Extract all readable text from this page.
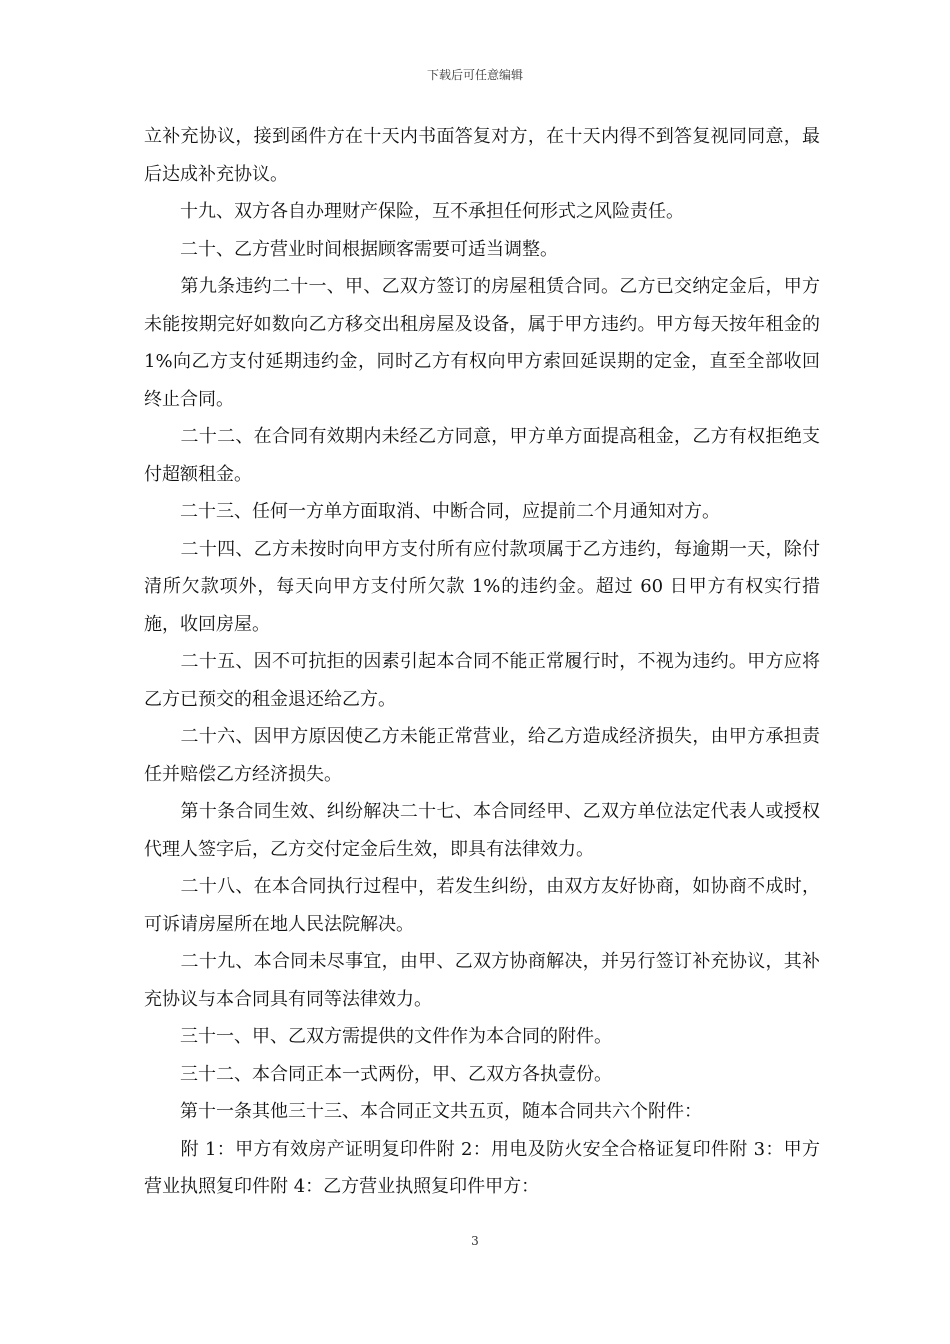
下载后可任意编辑

立补充协议，接到函件方在十天内书面答复对方，在十天内得不到答复视同同意，最后达成补充协议。

　　十九、双方各自办理财产保险，互不承担任何形式之风险责任。

　　二十、乙方营业时间根据顾客需要可适当调整。

　　第九条违约二十一、甲、乙双方签订的房屋租赁合同。乙方已交纳定金后，甲方未能按期完好如数向乙方移交出租房屋及设备，属于甲方违约。甲方每天按年租金的 1%向乙方支付延期违约金，同时乙方有权向甲方索回延误期的定金，直至全部收回终止合同。

　　二十二、在合同有效期内未经乙方同意，甲方单方面提高租金，乙方有权拒绝支付超额租金。

　　二十三、任何一方单方面取消、中断合同，应提前二个月通知对方。

　　二十四、乙方未按时向甲方支付所有应付款项属于乙方违约，每逾期一天，除付清所欠款项外，每天向甲方支付所欠款 1%的违约金。超过 60 日甲方有权实行措施，收回房屋。

　　二十五、因不可抗拒的因素引起本合同不能正常履行时，不视为违约。甲方应将乙方已预交的租金退还给乙方。

　　二十六、因甲方原因使乙方未能正常营业，给乙方造成经济损失，由甲方承担责任并赔偿乙方经济损失。

　　第十条合同生效、纠纷解决二十七、本合同经甲、乙双方单位法定代表人或授权代理人签字后，乙方交付定金后生效，即具有法律效力。

　　二十八、在本合同执行过程中，若发生纠纷，由双方友好协商，如协商不成时，可诉请房屋所在地人民法院解决。

　　二十九、本合同未尽事宜，由甲、乙双方协商解决，并另行签订补充协议，其补充协议与本合同具有同等法律效力。

　　三十一、甲、乙双方需提供的文件作为本合同的附件。

　　三十二、本合同正本一式两份，甲、乙双方各执壹份。

　　第十一条其他三十三、本合同正文共五页，随本合同共六个附件：

　　附 1：甲方有效房产证明复印件附 2：用电及防火安全合格证复印件附 3：甲方营业执照复印件附 4：乙方营业执照复印件甲方：

3
